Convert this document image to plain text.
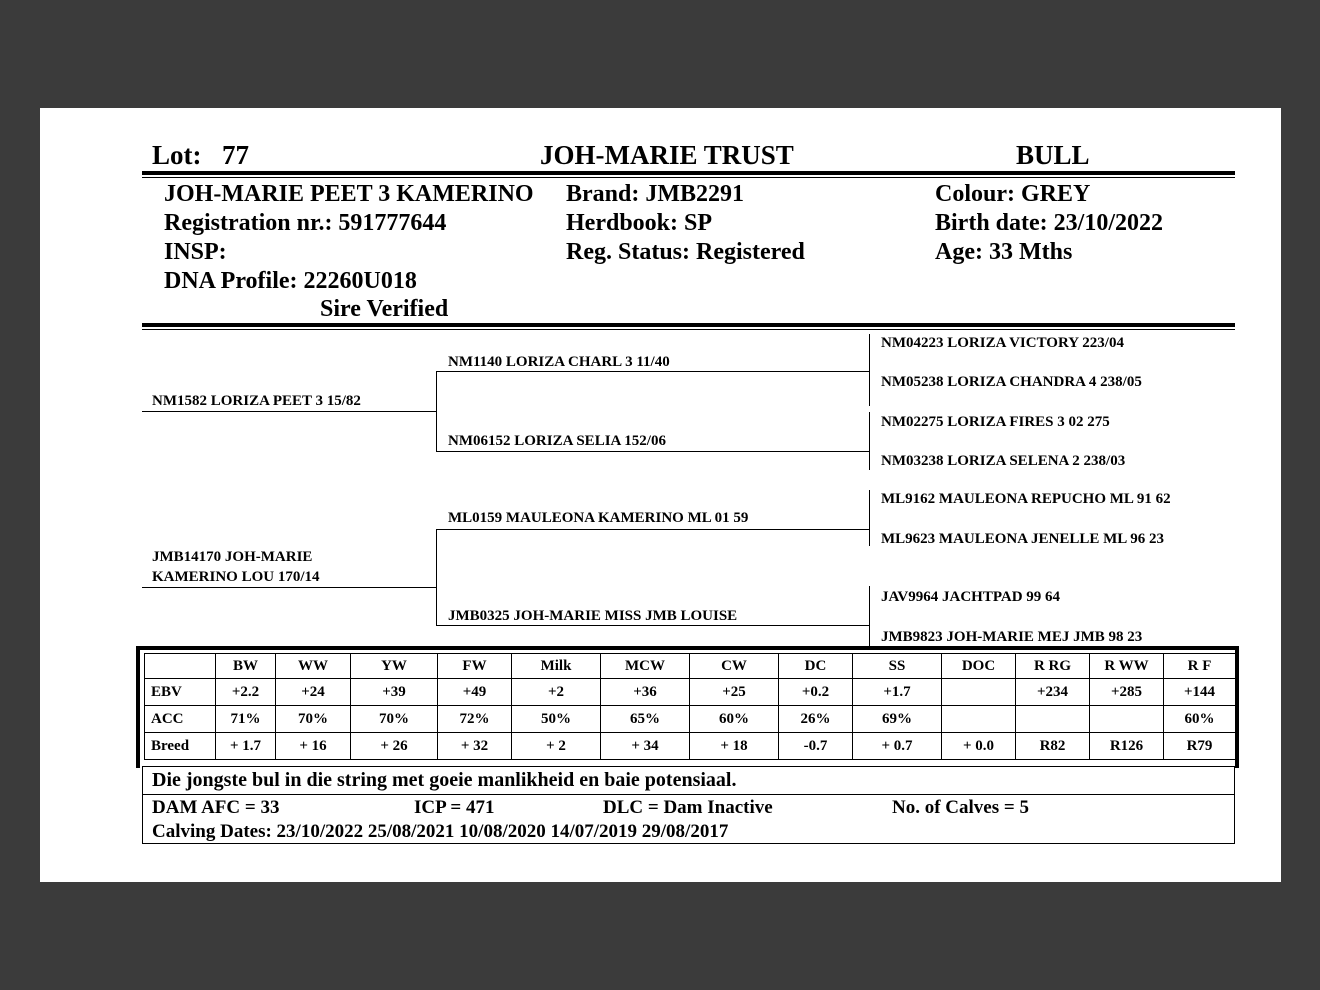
Lot: 77	JOH-MARIE TRUST	BULL
JOH-MARIE PEET 3 KAMERINO
Registration nr.: 591777644
INSP:
DNA Profile: 22260U018
Sire Verified
Brand: JMB2291
Herdbook: SP
Reg. Status: Registered
Colour: GREY
Birth date: 23/10/2022
Age: 33 Mths
NM1582 LORIZA PEET 3 15/82
JMB14170 JOH-MARIE
KAMERINO LOU 170/14
NM1140 LORIZA CHARL 3 11/40
NM06152 LORIZA SELIA 152/06
ML0159 MAULEONA KAMERINO ML 01 59
JMB0325 JOH-MARIE MISS JMB LOUISE
NM04223 LORIZA VICTORY 223/04
NM05238 LORIZA CHANDRA 4 238/05
NM02275 LORIZA FIRES 3 02 275
NM03238 LORIZA SELENA 2 238/03
ML9162 MAULEONA REPUCHO ML 91 62
ML9623 MAULEONA JENELLE ML 96 23
JAV9964 JACHTPAD 99 64
JMB9823 JOH-MARIE MEJ JMB 98 23
	BW	WW	YW	FW	Milk	MCW	CW	DC	SS	DOC	R RG	R WW	R F
EBV	+2.2	+24	+39	+49	+2	+36	+25	+0.2	+1.7		+234	+285	+144
ACC	71%	70%	70%	72%	50%	65%	60%	26%	69%				60%
Breed	+ 1.7	+ 16	+ 26	+ 32	+ 2	+ 34	+ 18	-0.7	+ 0.7	+ 0.0	R82	R126	R79
Die jongste bul in die string met goeie manlikheid en baie potensiaal.
DAM AFC = 33	ICP = 471	DLC = Dam Inactive	No. of Calves = 5
Calving Dates: 23/10/2022 25/08/2021 10/08/2020 14/07/2019 29/08/2017
